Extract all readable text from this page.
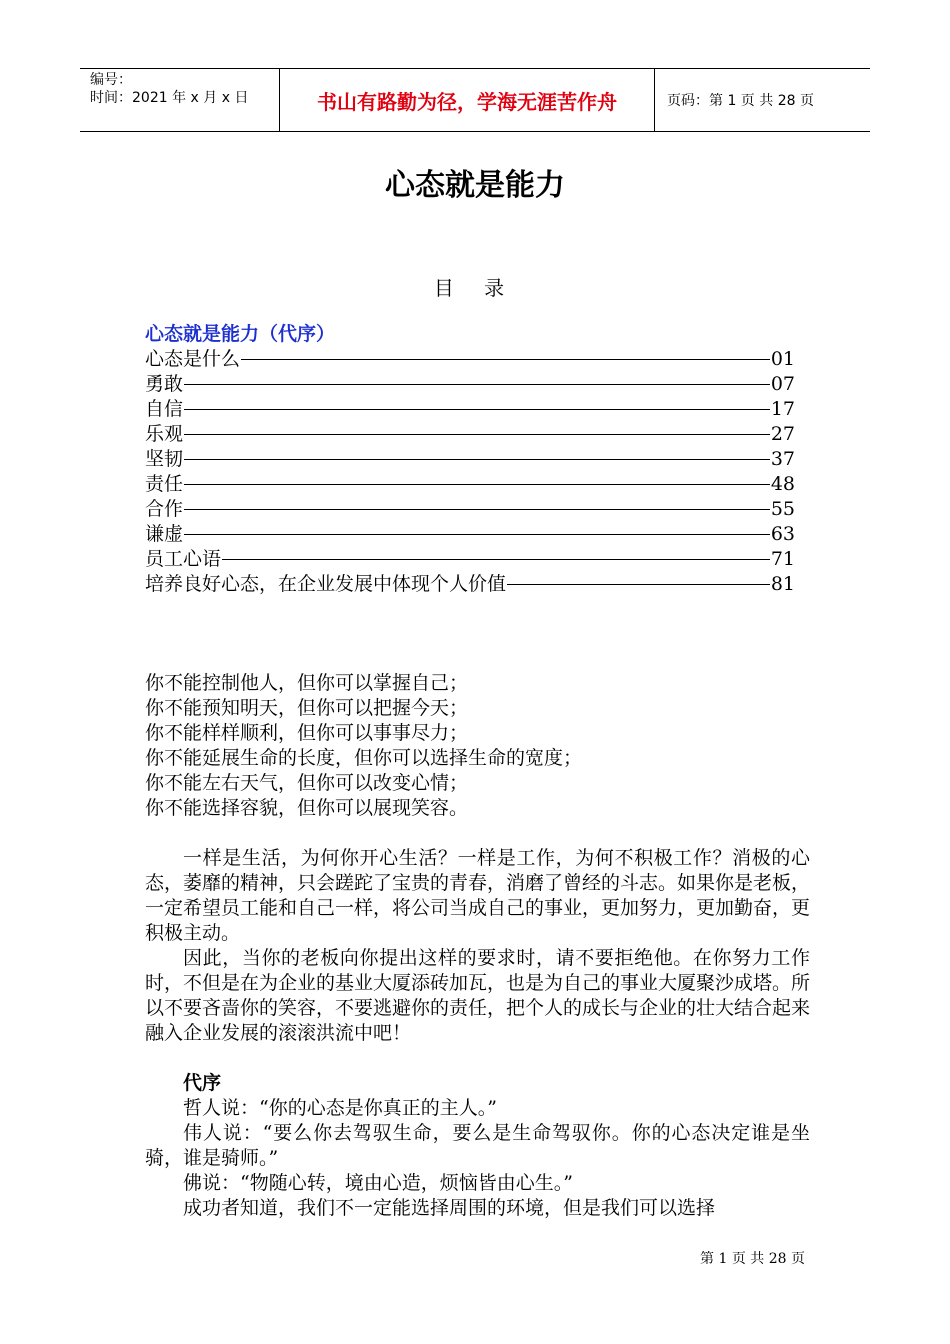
编号：
时间：2021 年 x 月 x 日	书山有路勤为径，学海无涯苦作舟	页码：第 1 页 共 28 页
心态就是能力
目 录
心态就是能力（代序）
心态是什么	01
勇敢	07
自信	17
乐观	27
坚韧	37
责任	48
合作	55
谦虚	63
员工心语	71
培养良好心态，在企业发展中体现个人价值	81
你不能控制他人，但你可以掌握自己；
你不能预知明天，但你可以把握今天；
你不能样样顺利，但你可以事事尽力；
你不能延展生命的长度，但你可以选择生命的宽度；
你不能左右天气，但你可以改变心情；
你不能选择容貌，但你可以展现笑容。

一样是生活，为何你开心生活？一样是工作，为何不积极工作？消极的心态，萎靡的精神，只会蹉跎了宝贵的青春，消磨了曾经的斗志。如果你是老板，一定希望员工能和自己一样，将公司当成自己的事业，更加努力，更加勤奋，更积极主动。

因此，当你的老板向你提出这样的要求时，请不要拒绝他。在你努力工作时，不但是在为企业的基业大厦添砖加瓦，也是为自己的事业大厦聚沙成塔。所以不要吝啬你的笑容，不要逃避你的责任，把个人的成长与企业的壮大结合起来融入企业发展的滚滚洪流中吧！

代序

哲人说：“你的心态是你真正的主人。”

伟人说：“要么你去驾驭生命，要么是生命驾驭你。你的心态决定谁是坐骑，谁是骑师。”

佛说：“物随心转，境由心造，烦恼皆由心生。”

成功者知道，我们不一定能选择周围的环境，但是我们可以选择

第 1 页 共 28 页
